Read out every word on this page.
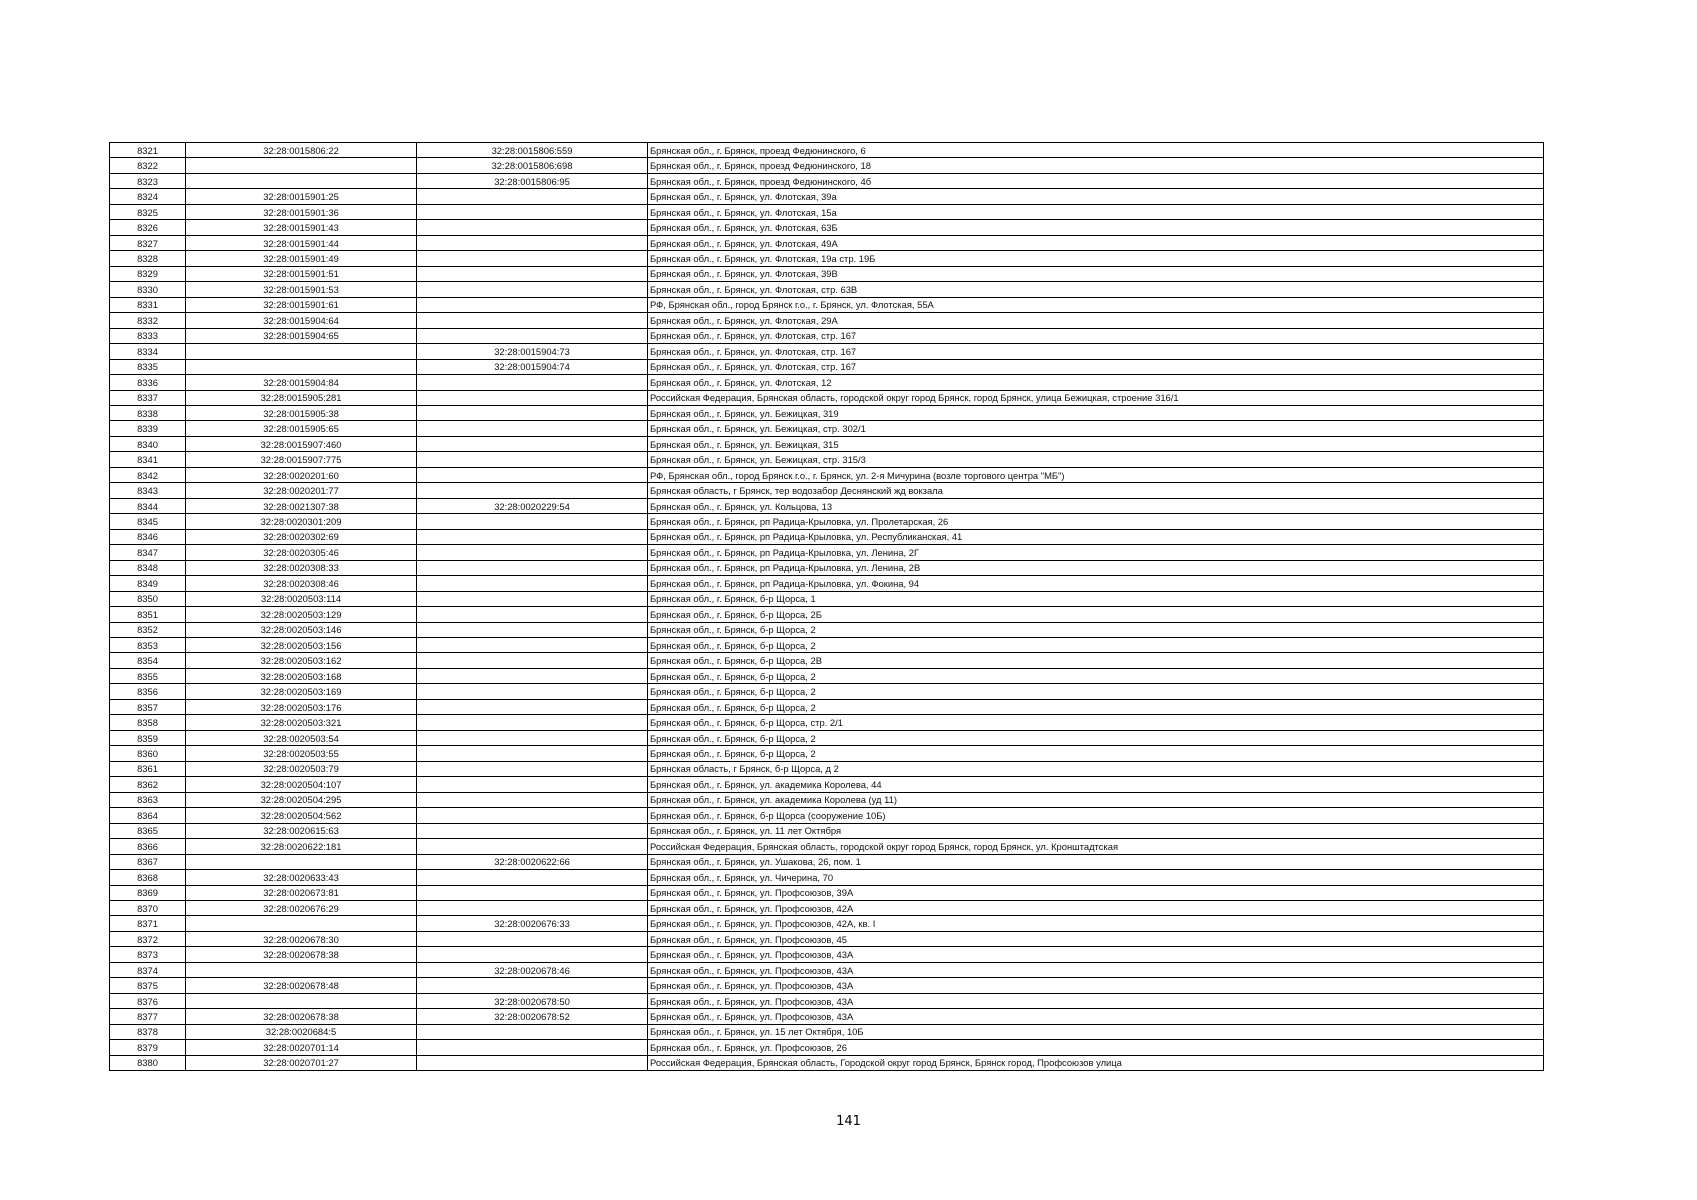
8321	32:28:0015806:22	32:28:0015806:559	Брянская обл., г. Брянск, проезд Федюнинского, 6
8322		32:28:0015806:698	Брянская обл., г. Брянск, проезд Федюнинского, 18
8323		32:28:0015806:95	Брянская обл., г. Брянск, проезд Федюнинского, 4б
8324	32:28:0015901:25		Брянская обл., г. Брянск, ул. Флотская, 39а
8325	32:28:0015901:36		Брянская обл., г. Брянск, ул. Флотская, 15а
8326	32:28:0015901:43		Брянская обл., г. Брянск, ул. Флотская, 63Б
8327	32:28:0015901:44		Брянская обл., г. Брянск, ул. Флотская, 49А
8328	32:28:0015901:49		Брянская обл., г. Брянск, ул. Флотская, 19а стр. 19Б
8329	32:28:0015901:51		Брянская обл., г. Брянск, ул. Флотская, 39В
8330	32:28:0015901:53		Брянская обл., г. Брянск, ул. Флотская, стр. 63В
8331	32:28:0015901:61		РФ, Брянская обл., город Брянск г.о., г. Брянск, ул. Флотская, 55А
8332	32:28:0015904:64		Брянская обл., г. Брянск, ул. Флотская, 29А
8333	32:28:0015904:65		Брянская обл., г. Брянск, ул. Флотская, стр. 167
8334		32:28:0015904:73	Брянская обл., г. Брянск, ул. Флотская, стр. 167
8335		32:28:0015904:74	Брянская обл., г. Брянск, ул. Флотская, стр. 167
8336	32:28:0015904:84		Брянская обл., г. Брянск, ул. Флотская, 12
8337	32:28:0015905:281		Российская Федерация, Брянская область, городской округ город Брянск, город Брянск, улица Бежицкая, строение 316/1
8338	32:28:0015905:38		Брянская обл., г. Брянск, ул. Бежицкая, 319
8339	32:28:0015905:65		Брянская обл., г. Брянск, ул. Бежицкая, стр. 302/1
8340	32:28:0015907:460		Брянская обл., г. Брянск, ул. Бежицкая, 315
8341	32:28:0015907:775		Брянская обл., г. Брянск, ул. Бежицкая, стр. 315/3
8342	32:28:0020201:60		РФ, Брянская обл., город Брянск г.о., г. Брянск, ул. 2-я Мичурина (возле торгового центра "МБ")
8343	32:28:0020201:77		Брянская область, г Брянск, тер водозабор Деснянский жд вокзала
8344	32:28:0021307:38	32:28:0020229:54	Брянская обл., г. Брянск, ул. Кольцова, 13
8345	32:28:0020301:209		Брянская обл., г. Брянск, рп Радица-Крыловка, ул. Пролетарская, 26
8346	32:28:0020302:69		Брянская обл., г. Брянск, рп Радица-Крыловка, ул. Республиканская, 41
8347	32:28:0020305:46		Брянская обл., г. Брянск, рп Радица-Крыловка, ул. Ленина, 2Г
8348	32:28:0020308:33		Брянская обл., г. Брянск, рп Радица-Крыловка, ул. Ленина, 2В
8349	32:28:0020308:46		Брянская обл., г. Брянск, рп Радица-Крыловка, ул. Фокина, 94
8350	32:28:0020503:114		Брянская обл., г. Брянск, б-р Щорса, 1
8351	32:28:0020503:129		Брянская обл., г. Брянск, б-р Щорса, 2Б
8352	32:28:0020503:146		Брянская обл., г. Брянск, б-р Щорса, 2
8353	32:28:0020503:156		Брянская обл., г. Брянск, б-р Щорса, 2
8354	32:28:0020503:162		Брянская обл., г. Брянск, б-р Щорса, 2В
8355	32:28:0020503:168		Брянская обл., г. Брянск, б-р Щорса, 2
8356	32:28:0020503:169		Брянская обл., г. Брянск, б-р Щорса, 2
8357	32:28:0020503:176		Брянская обл., г. Брянск, б-р Щорса, 2
8358	32:28:0020503:321		Брянская обл., г. Брянск, б-р Щорса, стр. 2/1
8359	32:28:0020503:54		Брянская обл., г. Брянск, б-р Щорса, 2
8360	32:28:0020503:55		Брянская обл., г. Брянск, б-р Щорса, 2
8361	32:28:0020503:79		Брянская область, г Брянск, б-р Щорса, д 2
8362	32:28:0020504:107		Брянская обл., г. Брянск, ул. академика Королева, 44
8363	32:28:0020504:295		Брянская обл., г. Брянск, ул. академика Королева (уд 11)
8364	32:28:0020504:562		Брянская обл., г. Брянск, б-р Щорса (сооружение 10Б)
8365	32:28:0020615:63		Брянская обл., г. Брянск, ул. 11 лет Октября
8366	32:28:0020622:181		Российская Федерация, Брянская область, городской округ город Брянск, город Брянск, ул. Кронштадтская
8367		32:28:0020622:66	Брянская обл., г. Брянск, ул. Ушакова, 26, пом. 1
8368	32:28:0020633:43		Брянская обл., г. Брянск, ул. Чичерина, 70
8369	32:28:0020673:81		Брянская обл., г. Брянск, ул. Профсоюзов, 39А
8370	32:28:0020676:29		Брянская обл., г. Брянск, ул. Профсоюзов, 42А
8371		32:28:0020676:33	Брянская обл., г. Брянск, ул. Профсоюзов, 42А, кв. I
8372	32:28:0020678:30		Брянская обл., г. Брянск, ул. Профсоюзов, 45
8373	32:28:0020678:38		Брянская обл., г. Брянск, ул. Профсоюзов, 43А
8374		32:28:0020678:46	Брянская обл., г. Брянск, ул. Профсоюзов, 43А
8375	32:28:0020678:48		Брянская обл., г. Брянск, ул. Профсоюзов, 43А
8376		32:28:0020678:50	Брянская обл., г. Брянск, ул. Профсоюзов, 43А
8377	32:28:0020678:38	32:28:0020678:52	Брянская обл., г. Брянск, ул. Профсоюзов, 43А
8378	32:28:0020684:5		Брянская обл., г. Брянск, ул. 15 лет Октября, 10Б
8379	32:28:0020701:14		Брянская обл., г. Брянск, ул. Профсоюзов, 26
8380	32:28:0020701:27		Российская Федерация, Брянская область, Городской округ город Брянск, Брянск город, Профсоюзов улица
141
